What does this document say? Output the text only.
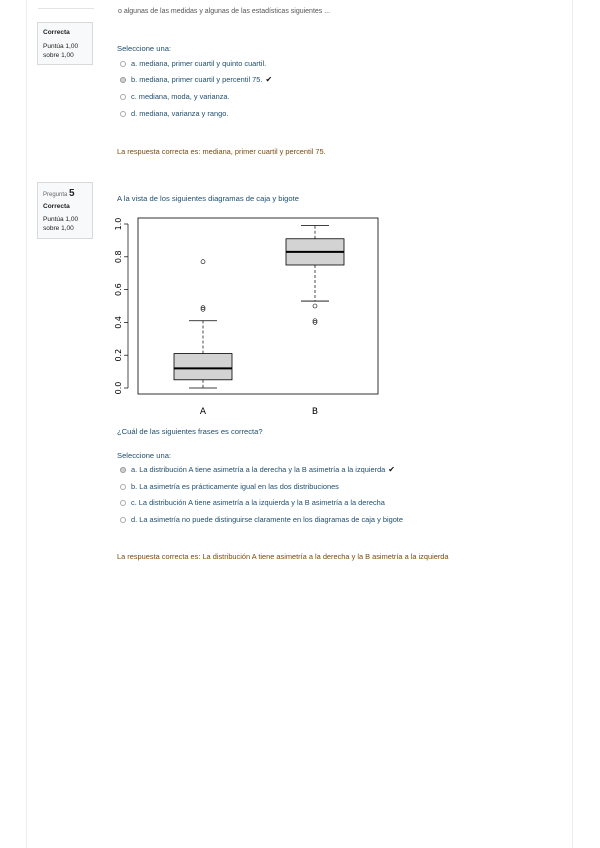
Correcta
Puntúa 1,00
sobre 1,00
o algunas de las medidas y algunas de las estadísticas siguientes ...
Seleccione una:
a. mediana, primer cuartil y quinto cuartil.
b. mediana, primer cuartil y percentil 75. ✔
c. mediana, moda, y varianza.
d. mediana, varianza y rango.
La respuesta correcta es: mediana, primer cuartil y percentil 75.
Pregunta 5
Correcta
Puntúa 1,00
sobre 1,00
A la vista de los siguientes diagramas de caja y bigote
0.0
0.2
0.4
0.6
0.8
1.0
A	B
¿Cuál de las siguientes frases es correcta?
Seleccione una:
a. La distribución A tiene asimetría a la derecha y la B asimetría a la izquierda ✔
b. La asimetría es prácticamente igual en las dos distribuciones
c. La distribución A tiene asimetría a la izquierda y la B asimetría a la derecha
d. La asimetría no puede distinguirse claramente en los diagramas de caja y bigote
La respuesta correcta es: La distribución A tiene asimetría a la derecha y la B asimetría a la izquierda
